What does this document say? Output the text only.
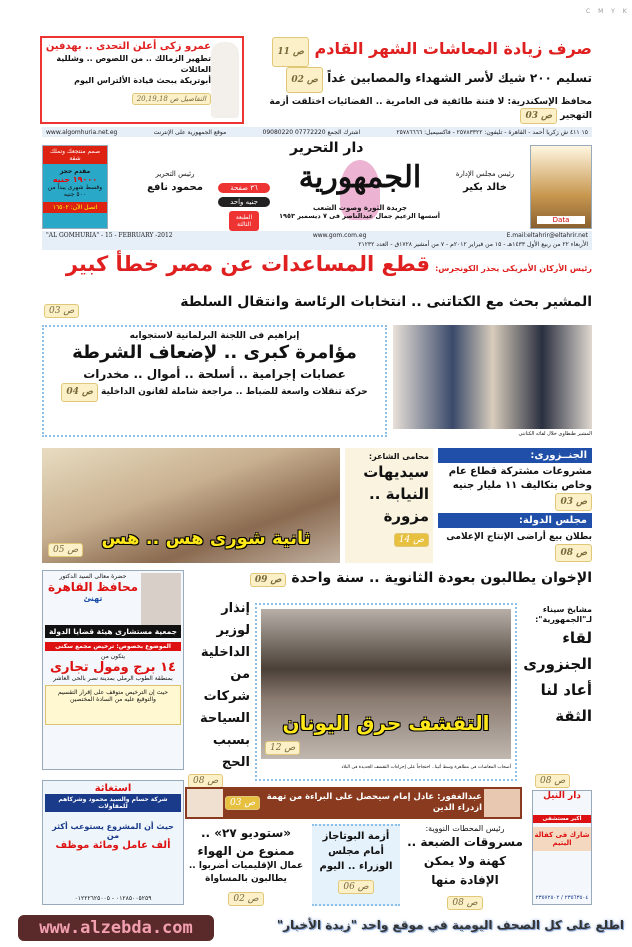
C M Y K
صرف زيادة المعاشات الشهر القادم ص 11
تسليم ٢٠٠ شيك لأسر الشهداء والمصابين غداً ص 02
محافظ الإسكندرية: لا فتنة طائفية فى العامرية .. الفضائيات اختلقت أزمة التهجير ص 03
عمرو زكى أعلن التحدى .. بهدفين
تطهير الزمالك .. من اللصوص .. وشللية العائلات
أبوتريكة يبحث قيادة الألتراس اليوم
التفاصيل ص 20,19,18
www.algomhuria.net.eg	موقع الجمهورية على الإنترنت	اشترك الجمع 07772220 09080220	١٥ ٤١١ ش زكريا أحمد - القاهرة - تليفون: ٢٥٧٨٣٣٢٢ - فاكسيميل: ٢٥٧٨٦٦٦٦
صمم منتجعك وتملك شقة
مقدم حجز
١٩٠٠٠ جنيه
وقسط شهرى يبدأ من ٥٠٠ جنيه
اتصل الآن: ١٦٥٠٢
رئيس التحرير
محمود نافع	٣٦ صفحة
جنيه واحد
الطبعة الثالثة
دار التحرير
الجمهورية
جريدة الثورة وصوت الشعب
أسسها الزعيم جمال عبدالناصر فى ٧ ديسمبر ١٩٥٣
رئيس مجلس الإدارة
خالد بكير
Data
"AL GOMHURIA" - 15 - FEBRUARY -2012	www.gom.com.eg	E.mail:eltahrir@eltahrir.net
الأربعاء ٢٢ من ربيع الأول ١٤٣٣هـ - ١٥ من فبراير ٢٠١٢م - ٧ من أمشير ١٧٢٨ق - العدد ٢١٢٣٢
رئيس الأركان الأمريكى يحذر الكونجرس: قطع المساعدات عن مصر خطأ كبير
ص 03
المشير بحث مع الكتاتنى .. انتخابات الرئاسة وانتقال السلطة
إبراهيم فى اللجنة البرلمانية لاستجوابه
مؤامرة كبرى .. لإضعاف الشرطة
عصابات إجرامية .. أسلحة .. أموال .. مخدرات
حركة تنقلات واسعة للضباط .. مراجعة شاملة لقانون الداخلية ص 04
المشير طنطاوى خلال لقائه الكتاتنى
ثانية شورى هس .. هس
ص 05
محامى الشاعر:
سيديهات النيابة .. مزورة
ص 14
الجنــزورى:
مشروعات مشتركة قطاع عام وخاص بتكاليف ١١ مليار جنيه ص 03
مجلس الدولة:
بطلان بيع أراضى الإنتاج الإعلامى ص 08
الإخوان يطالبون بعودة الثانوية .. سنة واحدة ص 09
حضرة معالى السيد الدكتور
محافظ القاهرة
تهنئ
جمعية مستشارى هيئة قضايا الدولة
الموضوع بخصوص: ترخيص مجمع سكنى
يتكون من
١٤ برج ومول تجارى
بمنطقة الطوب الرملى بمدينة نصر بالحى العاشر
حيث إن الترخيص متوقف على إقرار التقسيم والتوقيع عليه من السادة المختصين
إنذار لوزير الداخلية من شركات السياحة بسبب الحج
ص 08
التقشف حرق اليونان
ص 12
أصحاب المعاشات فى مظاهرة وسط أثينا.. احتجاجاً على إجراءات التقشف الجديدة فى البلاد
مشايخ سيناء لـ"الجمهورية":
لقاء الجنزورى أعاد لنا الثقة
ص 08
ص 03
عبدالغفور: عادل إمام سيحصل على البراءة من تهمة ازدراء الدين
استغاثة
شركة حسام والسيد محمود وشركاهم للمقاولات
حيث أن المشروع يستوعب أكثر من
ألف عامل ومائة موظف
٠١٢٨٥٠٠٥٢٥٩ - ٠١٢٢٢٦٢٥٠٠٥
رئيس المحطات النووية:
مسروقات الضبعة .. كهنة ولا يمكن الإفادة منها
ص 08
أزمة البوتاجاز أمام مجلس الوزراء .. اليوم
ص 06
«ستوديو ٢٧» .. ممنوع من الهواء
عمال الإقليميات أضربوا .. يطالبون بالمساواة
ص 02
دار النيل
أكبر مستشفى
شارك فى كفالة اليتيم
٢٣٥٦٣٥٠٤ / ٢٣٥٧٢٥٠٢
www.alzebda.com	اطلع على كل الصحف اليومية في موقع واحد "زبدة الأخبار"
